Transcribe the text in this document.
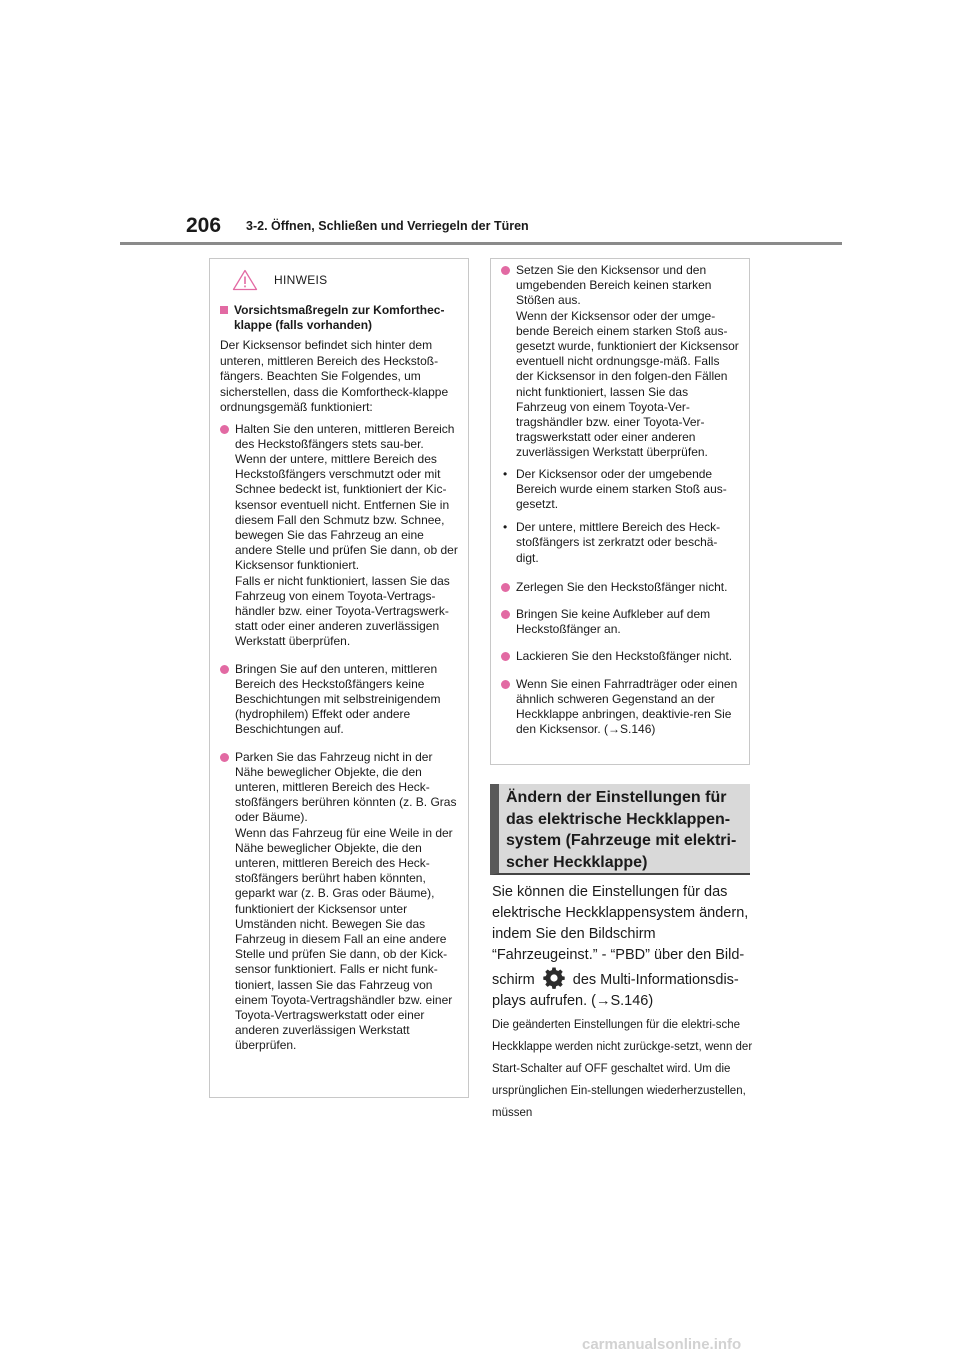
206 3-2. Öffnen, Schließen und Verriegeln der Türen
HINWEIS
Vorsichtsmaßregeln zur Komforthec-klappe (falls vorhanden)

Der Kicksensor befindet sich hinter dem unteren, mittleren Bereich des Heckstoß-fängers. Beachten Sie Folgendes, um sicherstellen, dass die Komfortheck-klappe ordnungsgemäß funktioniert:

Halten Sie den unteren, mittleren Bereich des Heckstoßfängers stets sau-ber.

Wenn der untere, mittlere Bereich des Heckstoßfängers verschmutzt oder mit Schnee bedeckt ist, funktioniert der Kic-ksensor eventuell nicht. Entfernen Sie in diesem Fall den Schmutz bzw. Schnee, bewegen Sie das Fahrzeug an eine andere Stelle und prüfen Sie dann, ob der Kicksensor funktioniert.

Falls er nicht funktioniert, lassen Sie das Fahrzeug von einem Toyota-Vertrags-händler bzw. einer Toyota-Vertragswerk-statt oder einer anderen zuverlässigen Werkstatt überprüfen.

Bringen Sie auf den unteren, mittleren Bereich des Heckstoßfängers keine Beschichtungen mit selbstreinigendem (hydrophilem) Effekt oder andere Beschichtungen auf.

Parken Sie das Fahrzeug nicht in der Nähe beweglicher Objekte, die den unteren, mittleren Bereich des Heck-stoßfängers berühren könnten (z. B. Gras oder Bäume).

Wenn das Fahrzeug für eine Weile in der Nähe beweglicher Objekte, die den unteren, mittleren Bereich des Heck-stoßfängers berührt haben könnten, geparkt war (z. B. Gras oder Bäume), funktioniert der Kicksensor unter Umständen nicht. Bewegen Sie das Fahrzeug in diesem Fall an eine andere Stelle und prüfen Sie dann, ob der Kick-sensor funktioniert. Falls er nicht funk-tioniert, lassen Sie das Fahrzeug von einem Toyota-Vertragshändler bzw. einer Toyota-Vertragswerkstatt oder einer anderen zuverlässigen Werkstatt überprüfen.

Setzen Sie den Kicksensor und den umgebenden Bereich keinen starken Stößen aus.

Wenn der Kicksensor oder der umge-bende Bereich einem starken Stoß aus-gesetzt wurde, funktioniert der Kicksensor eventuell nicht ordnungsge-mäß. Falls der Kicksensor in den folgen-den Fällen nicht funktioniert, lassen Sie das Fahrzeug von einem Toyota-Ver-tragshändler bzw. einer Toyota-Ver-tragswerkstatt oder einer anderen zuverlässigen Werkstatt überprüfen.

• Der Kicksensor oder der umgebende Bereich wurde einem starken Stoß aus-gesetzt.
• Der untere, mittlere Bereich des Heck-stoßfängers ist zerkratzt oder beschä-digt.
Zerlegen Sie den Heckstoßfänger nicht.
Bringen Sie keine Aufkleber auf dem Heckstoßfänger an.
Lackieren Sie den Heckstoßfänger nicht.
Wenn Sie einen Fahrradträger oder einen ähnlich schweren Gegenstand an der Heckklappe anbringen, deaktivie-ren Sie den Kicksensor. (→S.146)
Ändern der Einstellungen für das elektrische Heckklappen-system (Fahrzeuge mit elektri-scher Heckklappe)

Sie können die Einstellungen für das elektrische Heckklappensystem ändern, indem Sie den Bildschirm “Fahrzeugeinst.” - “PBD” über den Bild-schirm	des Multi-Informationsdis-plays aufrufen. (→S.146)

Die geänderten Einstellungen für die elektri-sche Heckklappe werden nicht zurückge-setzt, wenn der Start-Schalter auf OFF geschaltet wird. Um die ursprünglichen Ein-stellungen wiederherzustellen, müssen

carmanualsonline.info
